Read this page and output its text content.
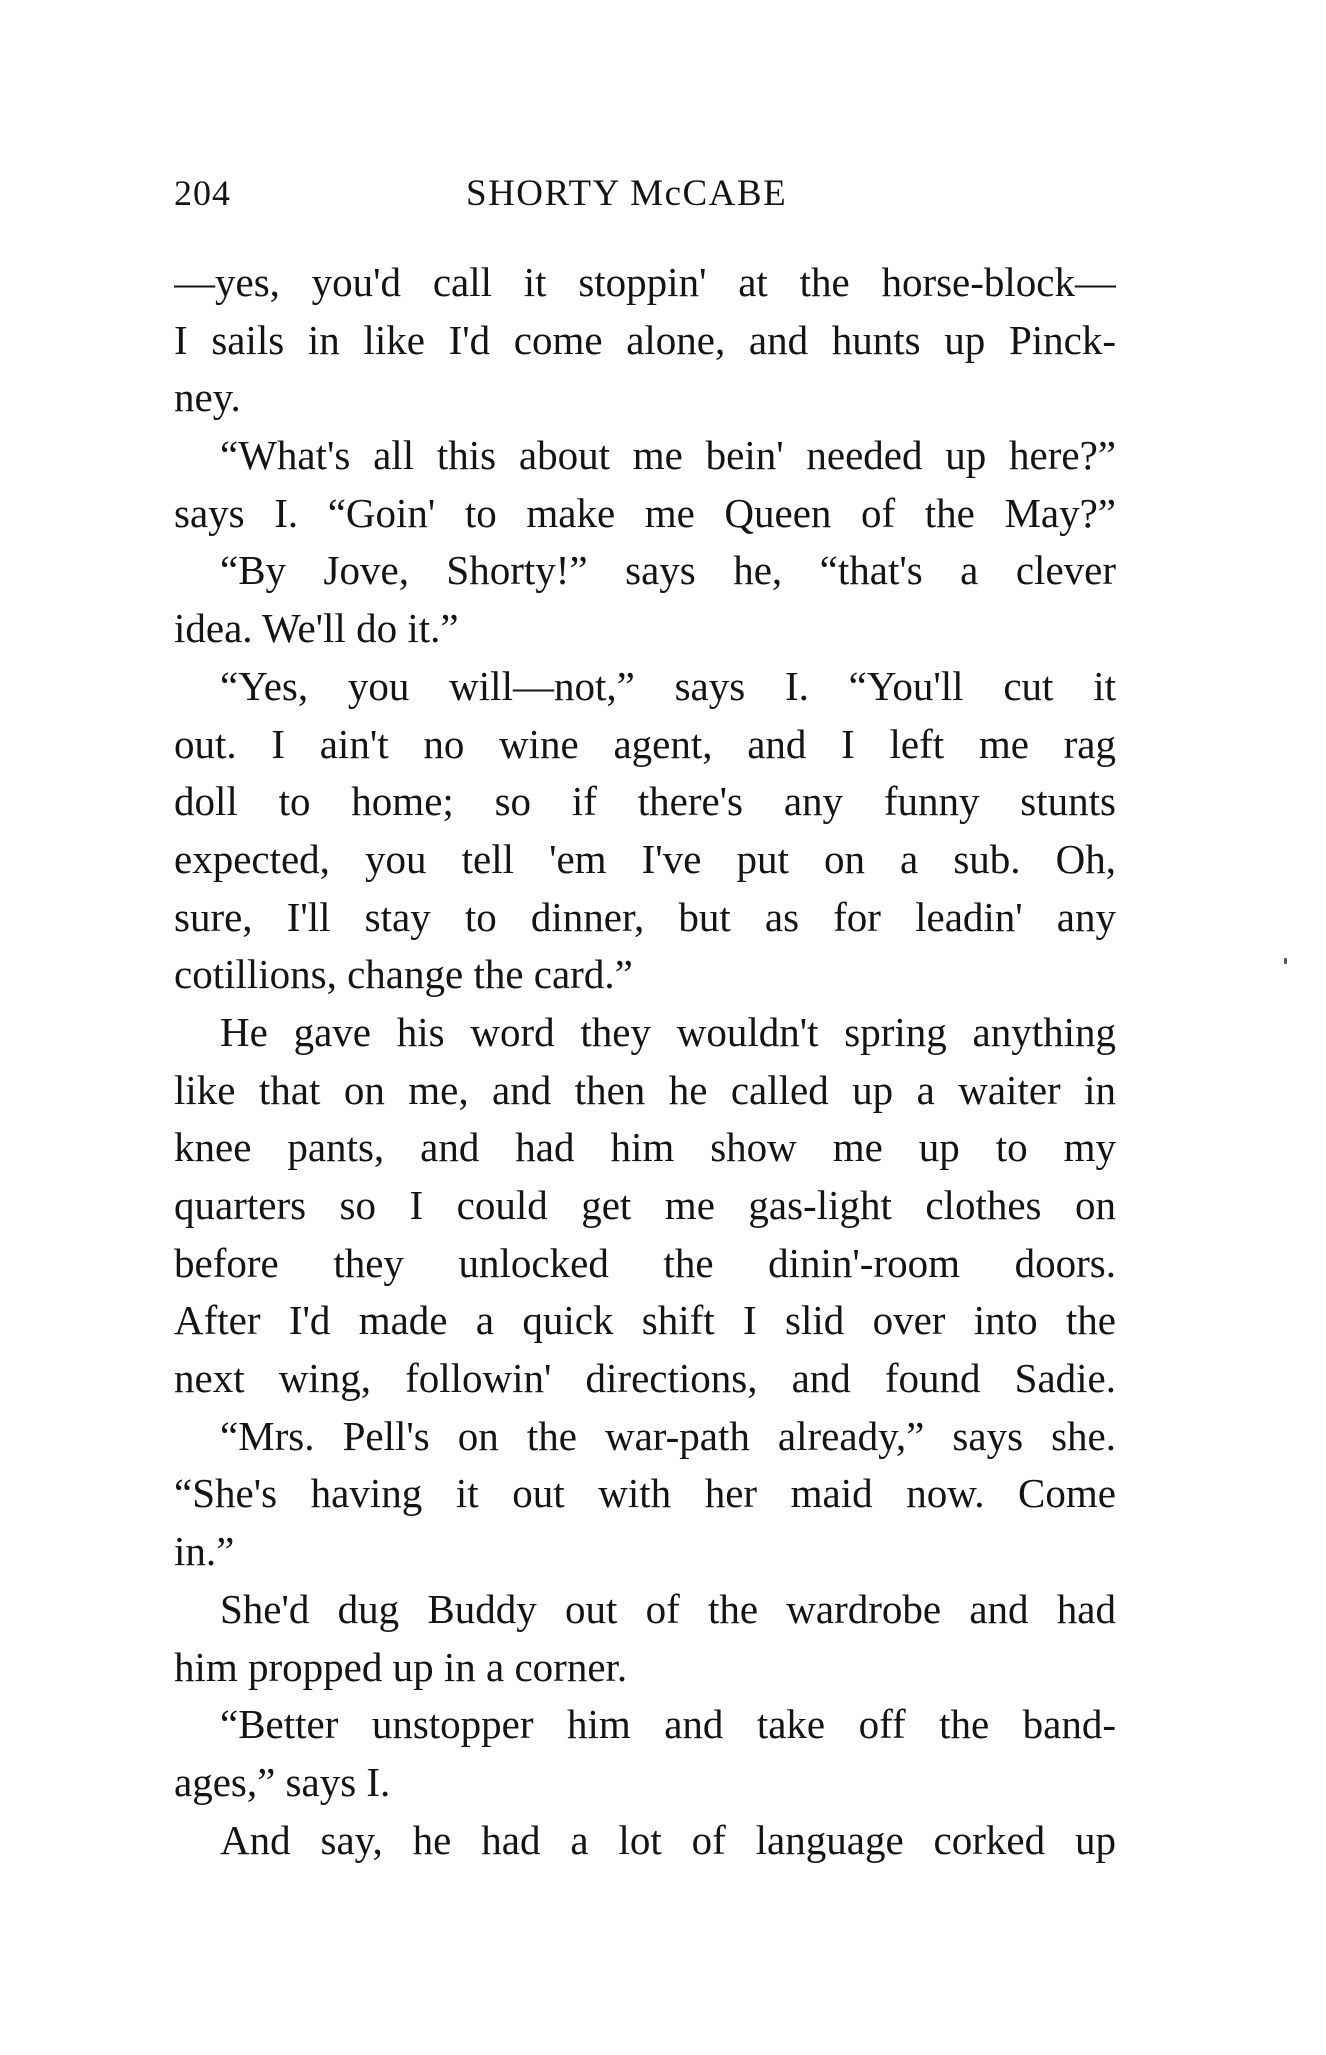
204	SHORTY McCABE
—yes, you'd call it stoppin' at the horse-block—
I sails in like I'd come alone, and hunts up Pinck-
ney.
“What's all this about me bein' needed up here?”
says I. “Goin' to make me Queen of the May?”
“By Jove, Shorty!” says he, “that's a clever
idea. We'll do it.”
“Yes, you will—not,” says I. “You'll cut it
out. I ain't no wine agent, and I left me rag
doll to home; so if there's any funny stunts
expected, you tell 'em I've put on a sub. Oh,
sure, I'll stay to dinner, but as for leadin' any
cotillions, change the card.”
He gave his word they wouldn't spring anything
like that on me, and then he called up a waiter in
knee pants, and had him show me up to my
quarters so I could get me gas-light clothes on
before they unlocked the dinin'-room doors.
After I'd made a quick shift I slid over into the
next wing, followin' directions, and found Sadie.
“Mrs. Pell's on the war-path already,” says she.
“She's having it out with her maid now. Come
in.”
She'd dug Buddy out of the wardrobe and had
him propped up in a corner.
“Better unstopper him and take off the band-
ages,” says I.
And say, he had a lot of language corked up
